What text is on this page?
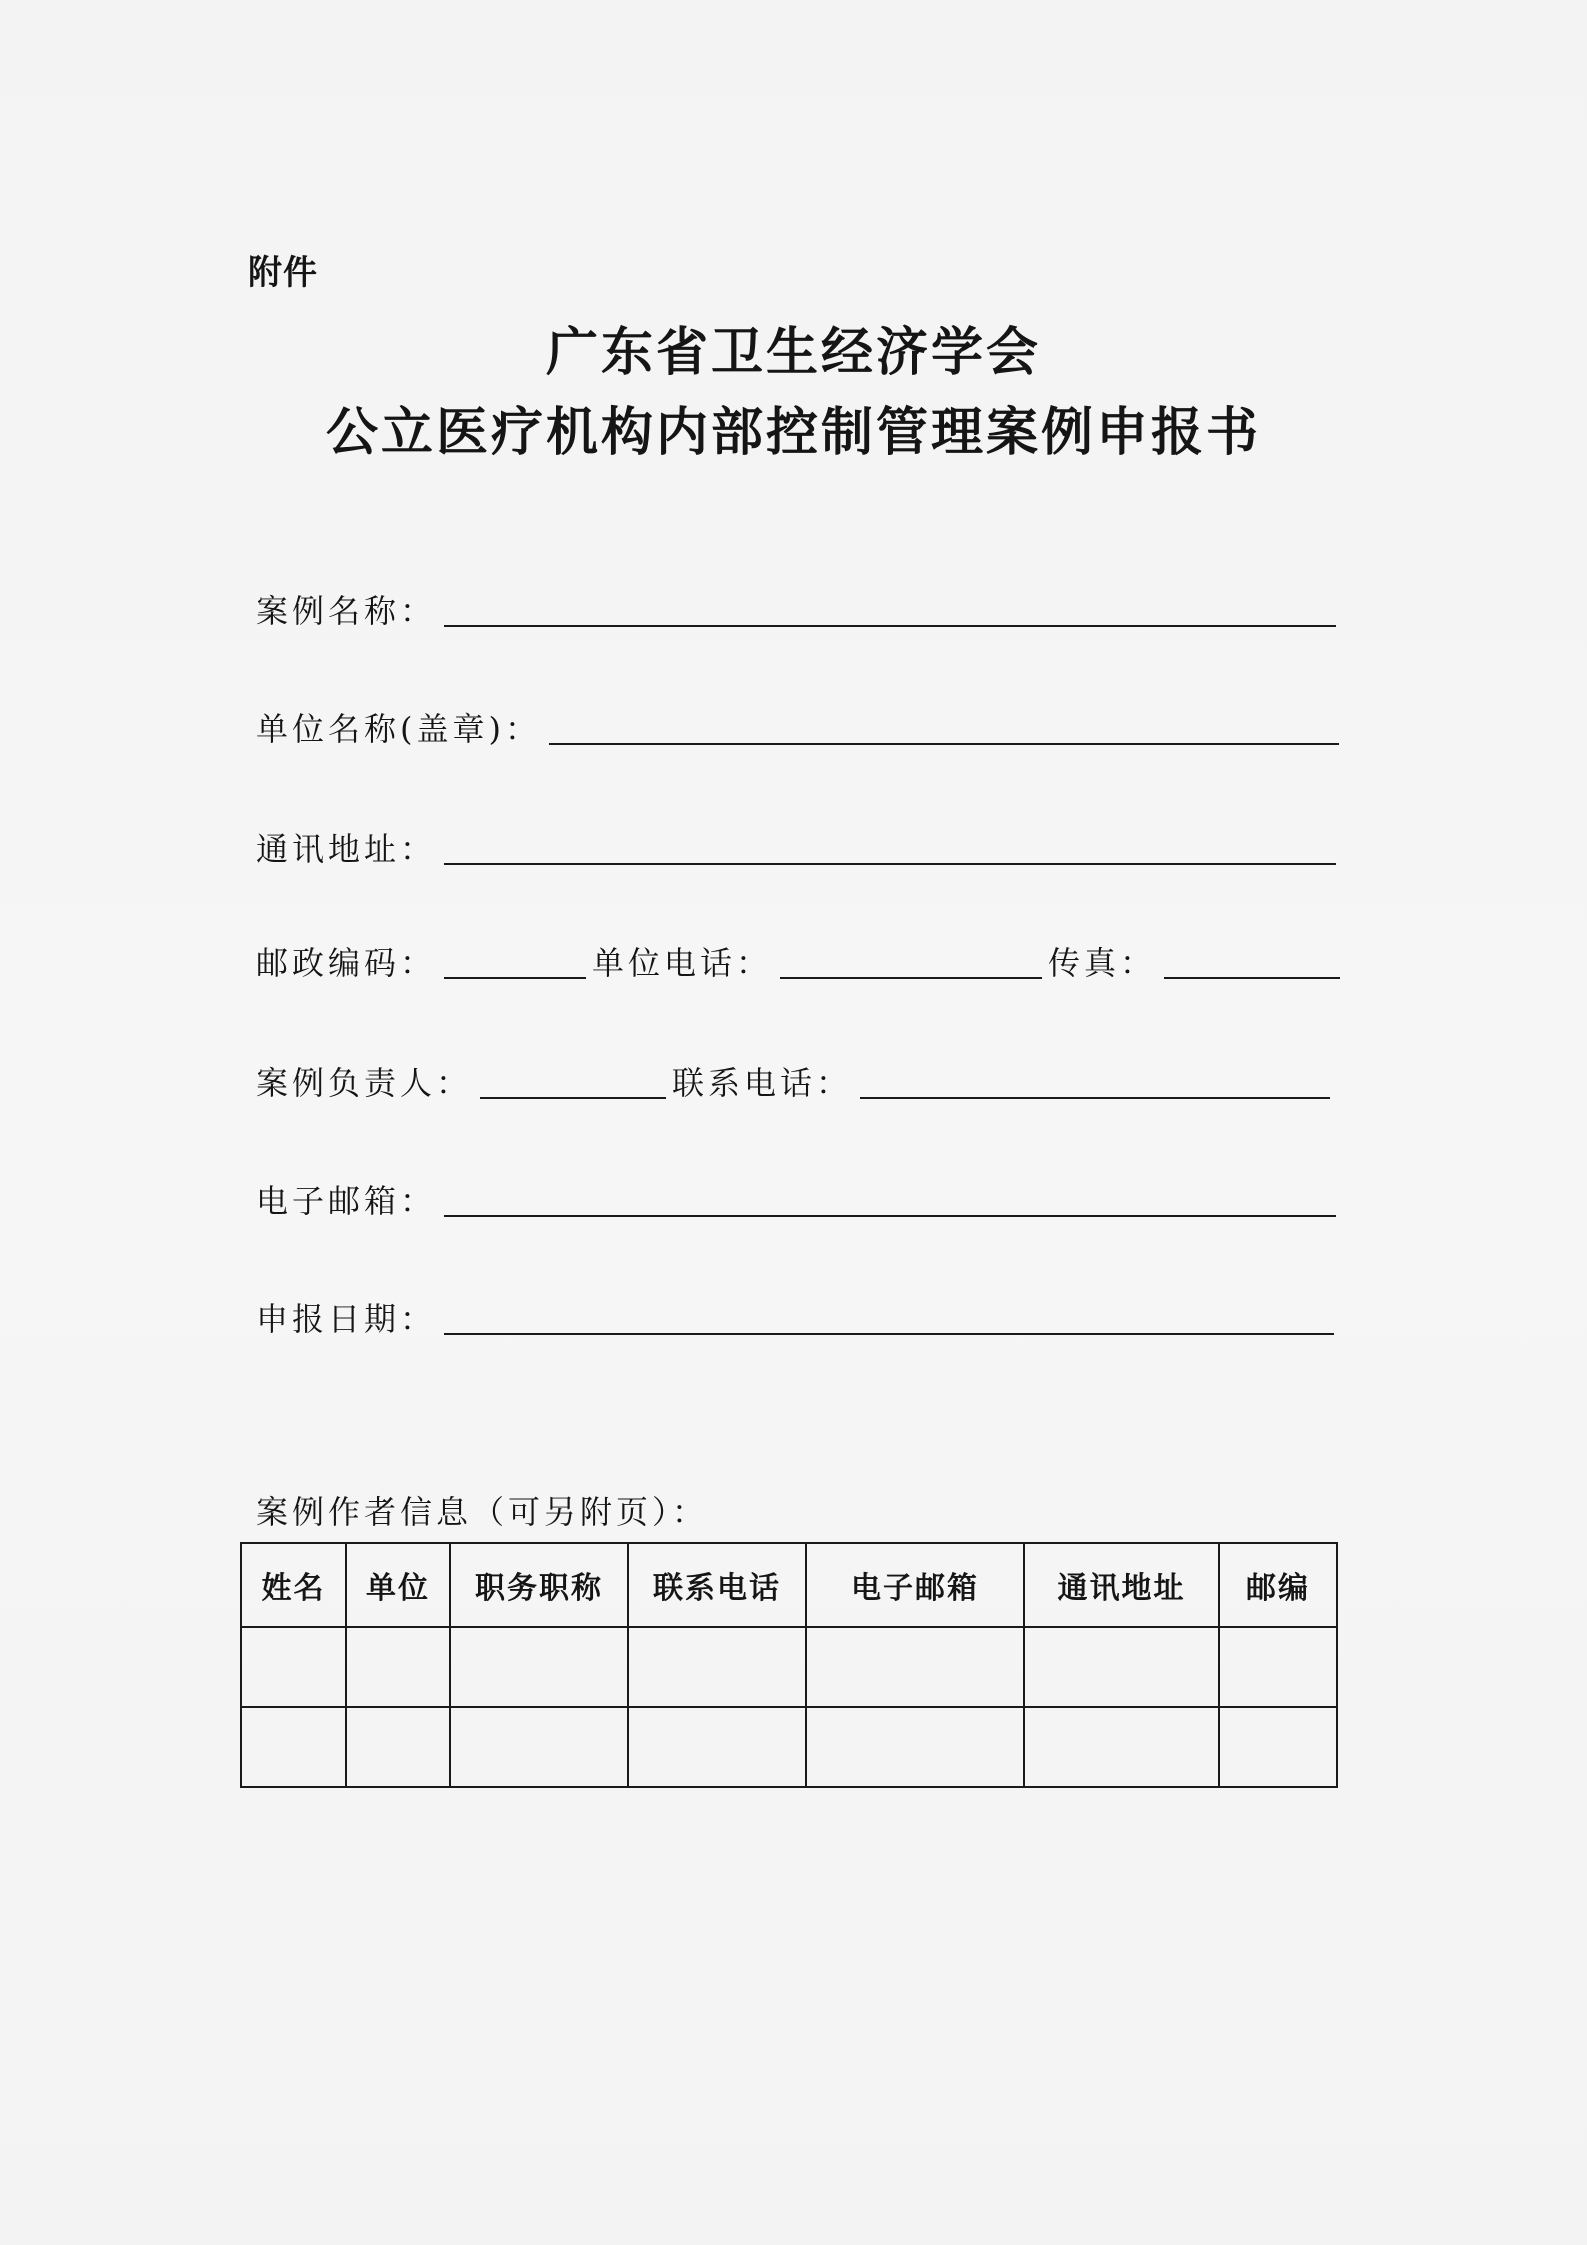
附件
广东省卫生经济学会
公立医疗机构内部控制管理案例申报书
案例名称：
单位名称(盖章)：
通讯地址：
邮政编码：	单位电话：	传真：
案例负责人：	联系电话：
电子邮箱：
申报日期：
案例作者信息（可另附页）：
姓名	单位	职务职称	联系电话	电子邮箱	通讯地址	邮编
